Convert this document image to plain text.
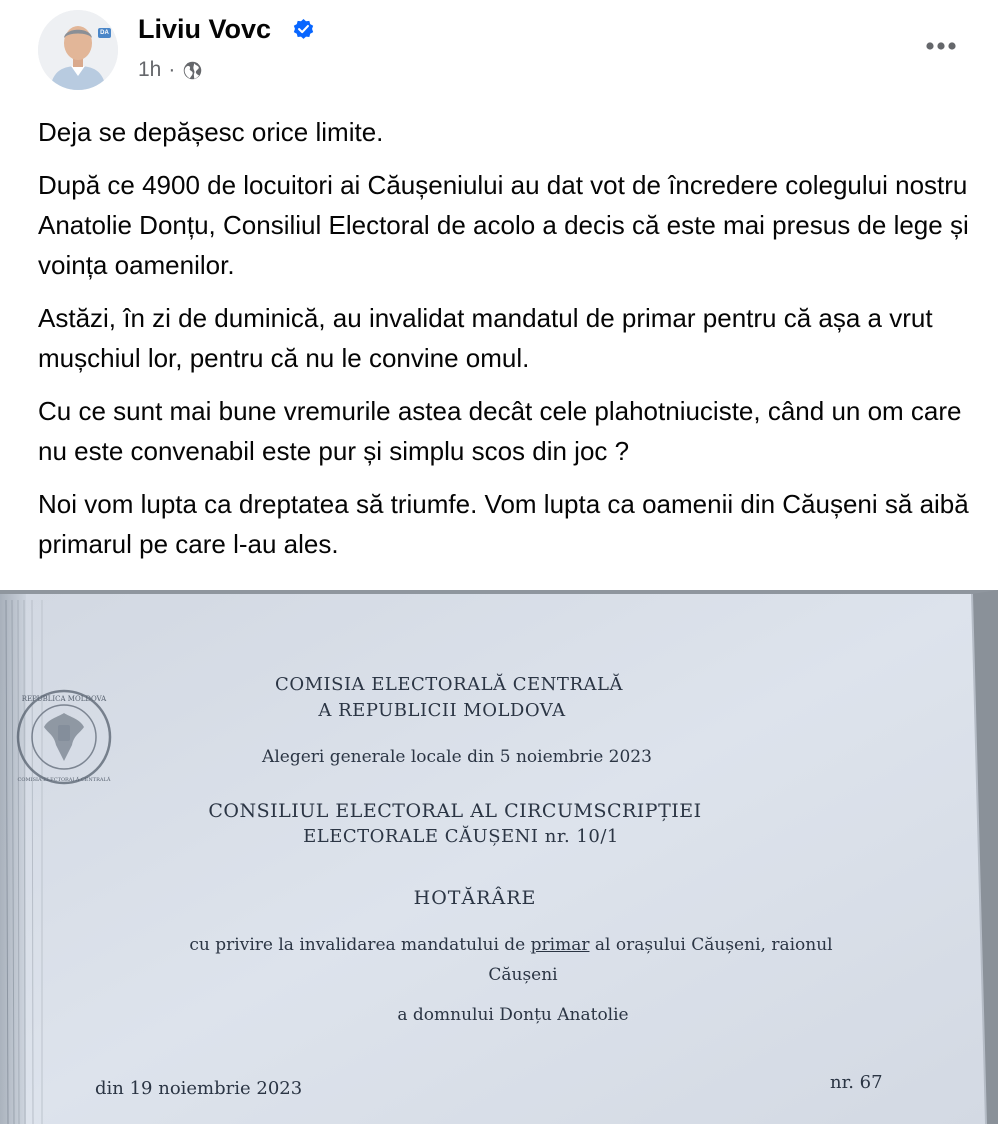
DA Liviu Vovc
1h ·

Deja se depășesc orice limite.

După ce 4900 de locuitori ai Căușeniului au dat vot de încredere colegului nostru Anatolie Donțu, Consiliul Electoral de acolo a decis că este mai presus de lege și voința oamenilor.

Astăzi, în zi de duminică, au invalidat mandatul de primar pentru că așa a vrut mușchiul lor, pentru că nu le convine omul.

Cu ce sunt mai bune vremurile astea decât cele plahotniuciste, când un om care nu este convenabil este pur și simplu scos din joc ?

Noi vom lupta ca dreptatea să triumfe. Vom lupta ca oamenii din Căușeni să aibă primarul pe care l-au ales.

REPUBLICA MOLDOVA
COMISIA ELECTORALĂ CENTRALĂ
COMISIA ELECTORALĂ CENTRALĂ
A REPUBLICII MOLDOVA
Alegeri generale locale din 5 noiembrie 2023
CONSILIUL ELECTORAL AL CIRCUMSCRIPȚIEI
ELECTORALE CĂUȘENI nr. 10/1
HOTĂRÂRE
cu privire la invalidarea mandatului de primar al orașului Căușeni, raionul
Căușeni
a domnului Donțu Anatolie
din 19 noiembrie 2023	nr. 67
